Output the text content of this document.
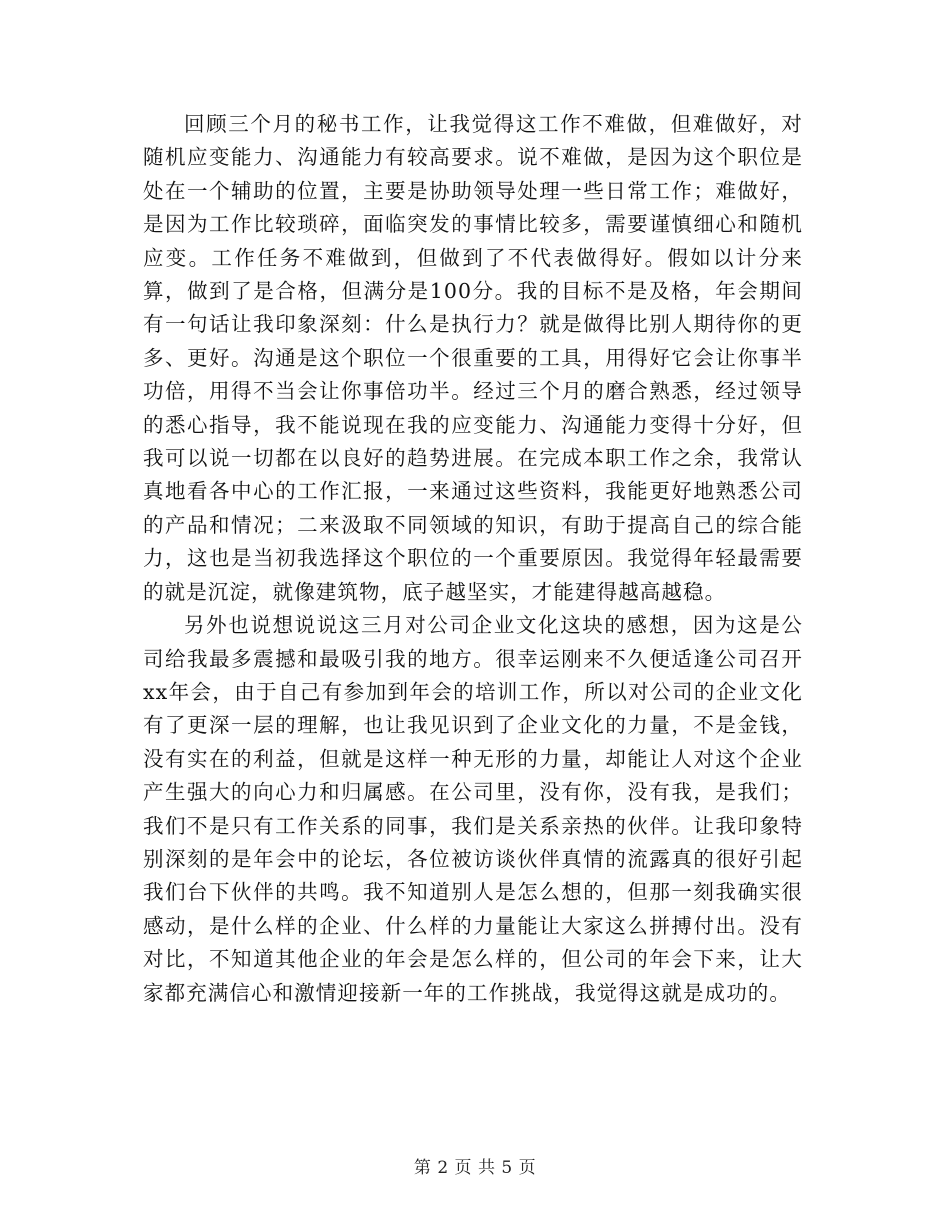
回顾三个月的秘书工作，让我觉得这工作不难做，但难做好，对随机应变能力、沟通能力有较高要求。说不难做，是因为这个职位是处在一个辅助的位置，主要是协助领导处理一些日常工作；难做好，是因为工作比较琐碎，面临突发的事情比较多，需要谨慎细心和随机应变。工作任务不难做到，但做到了不代表做得好。假如以计分来算，做到了是合格，但满分是100分。我的目标不是及格，年会期间有一句话让我印象深刻：什么是执行力？就是做得比别人期待你的更多、更好。沟通是这个职位一个很重要的工具，用得好它会让你事半功倍，用得不当会让你事倍功半。经过三个月的磨合熟悉，经过领导的悉心指导，我不能说现在我的应变能力、沟通能力变得十分好，但我可以说一切都在以良好的趋势进展。在完成本职工作之余，我常认真地看各中心的工作汇报，一来通过这些资料，我能更好地熟悉公司的产品和情况；二来汲取不同领域的知识，有助于提高自己的综合能力，这也是当初我选择这个职位的一个重要原因。我觉得年轻最需要的就是沉淀，就像建筑物，底子越坚实，才能建得越高越稳。

另外也说想说说这三月对公司企业文化这块的感想，因为这是公司给我最多震撼和最吸引我的地方。很幸运刚来不久便适逢公司召开xx年会，由于自己有参加到年会的培训工作，所以对公司的企业文化有了更深一层的理解，也让我见识到了企业文化的力量，不是金钱，没有实在的利益，但就是这样一种无形的力量，却能让人对这个企业产生强大的向心力和归属感。在公司里，没有你，没有我，是我们；我们不是只有工作关系的同事，我们是关系亲热的伙伴。让我印象特别深刻的是年会中的论坛，各位被访谈伙伴真情的流露真的很好引起我们台下伙伴的共鸣。我不知道别人是怎么想的，但那一刻我确实很感动，是什么样的企业、什么样的力量能让大家这么拼搏付出。没有对比，不知道其他企业的年会是怎么样的，但公司的年会下来，让大家都充满信心和激情迎接新一年的工作挑战，我觉得这就是成功的。

第 2 页 共 5 页
